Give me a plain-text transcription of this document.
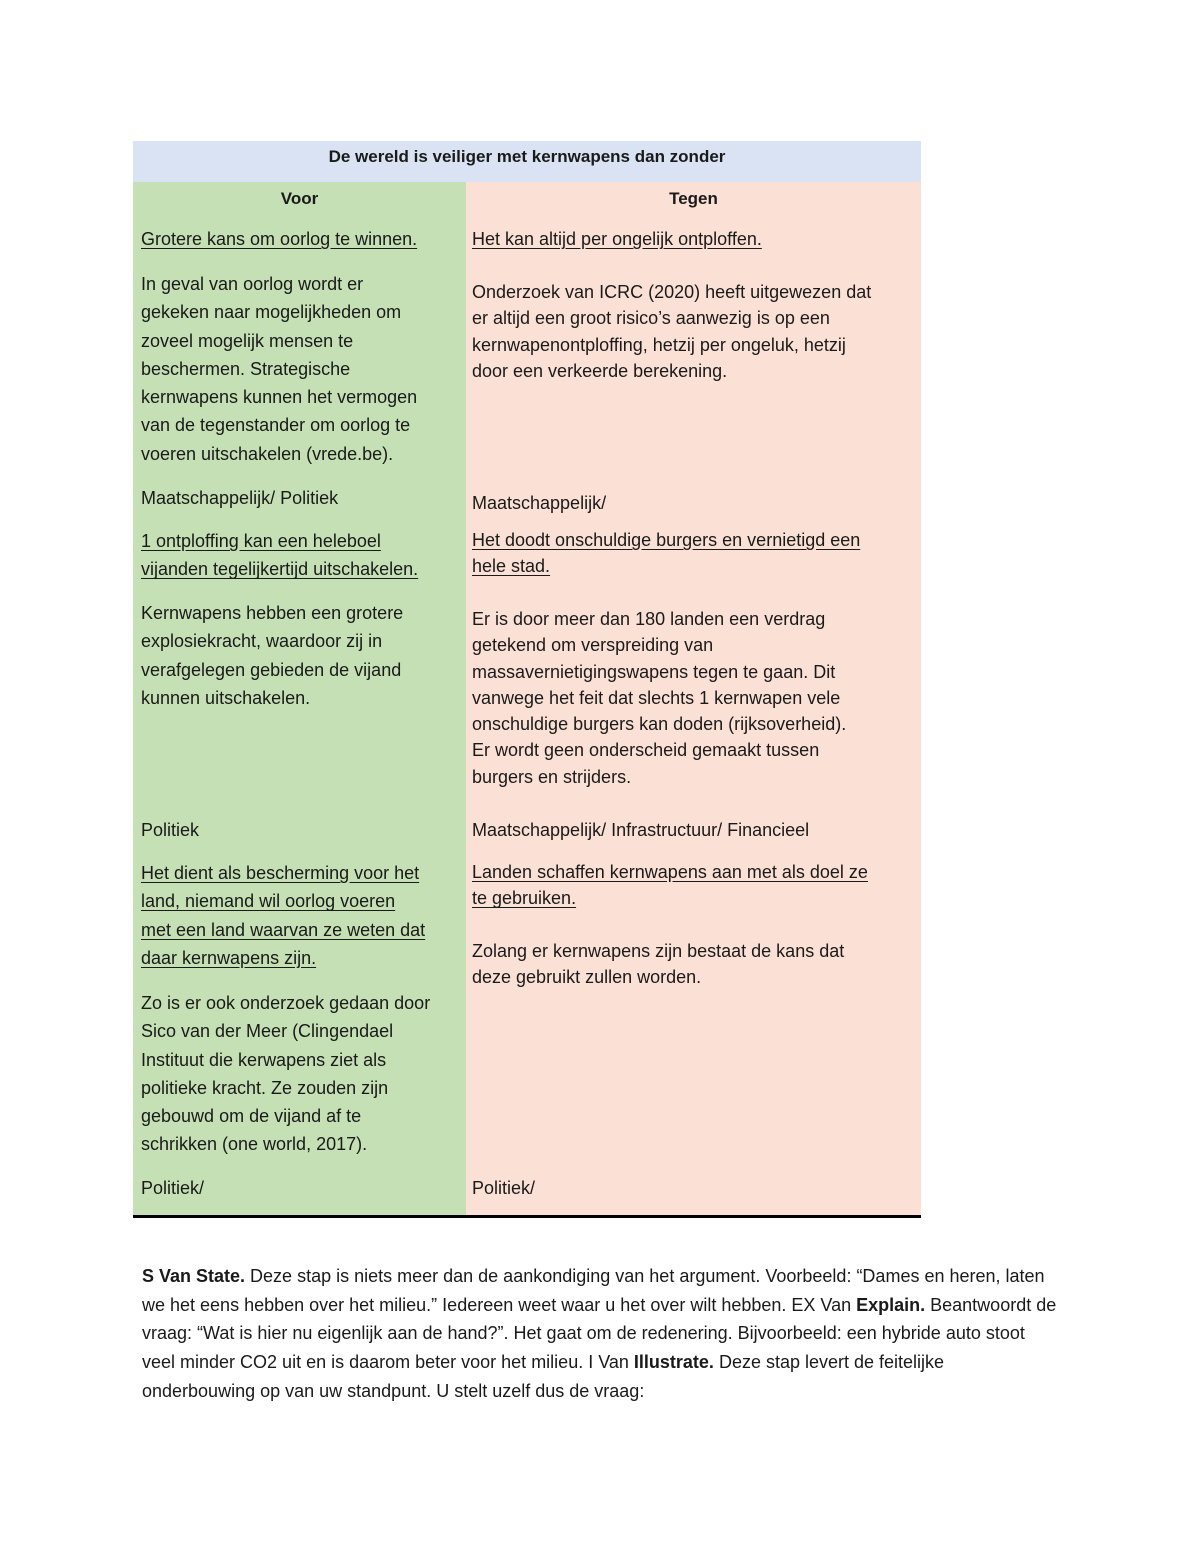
De wereld is veiliger met kernwapens dan zonder
Voor	Tegen
Grotere kans om oorlog te winnen.
In geval van oorlog wordt er
gekeken naar mogelijkheden om
zoveel mogelijk mensen te
beschermen. Strategische
kernwapens kunnen het vermogen
van de tegenstander om oorlog te
voeren uitschakelen (vrede.be).
Maatschappelijk/ Politiek
1 ontploffing kan een heleboel
vijanden tegelijkertijd uitschakelen.
Kernwapens hebben een grotere
explosiekracht, waardoor zij in
verafgelegen gebieden de vijand
kunnen uitschakelen.
Politiek
Het dient als bescherming voor het
land, niemand wil oorlog voeren
met een land waarvan ze weten dat
daar kernwapens zijn.
Zo is er ook onderzoek gedaan door
Sico van der Meer (Clingendael
Instituut die kerwapens ziet als
politieke kracht. Ze zouden zijn
gebouwd om de vijand af te
schrikken (one world, 2017).
Politiek/
Het kan altijd per ongelijk ontploffen.
Onderzoek van ICRC (2020) heeft uitgewezen dat
er altijd een groot risico’s aanwezig is op een
kernwapenontploffing, hetzij per ongeluk, hetzij
door een verkeerde berekening.
Maatschappelijk/
Het doodt onschuldige burgers en vernietigd een
hele stad.
Er is door meer dan 180 landen een verdrag
getekend om verspreiding van
massavernietigingswapens tegen te gaan. Dit
vanwege het feit dat slechts 1 kernwapen vele
onschuldige burgers kan doden (rijksoverheid).
Er wordt geen onderscheid gemaakt tussen
burgers en strijders.
Maatschappelijk/ Infrastructuur/ Financieel
Landen schaffen kernwapens aan met als doel ze
te gebruiken.
Zolang er kernwapens zijn bestaat de kans dat
deze gebruikt zullen worden.
Politiek/
S Van State. Deze stap is niets meer dan de aankondiging van het argument. Voorbeeld: “Dames en heren, laten we het eens hebben over het milieu.” Iedereen weet waar u het over wilt hebben. EX Van Explain. Beantwoordt de vraag: “Wat is hier nu eigenlijk aan de hand?”. Het gaat om de redenering. Bijvoorbeeld: een hybride auto stoot veel minder CO2 uit en is daarom beter voor het milieu. I Van Illustrate. Deze stap levert de feitelijke onderbouwing op van uw standpunt. U stelt uzelf dus de vraag:
